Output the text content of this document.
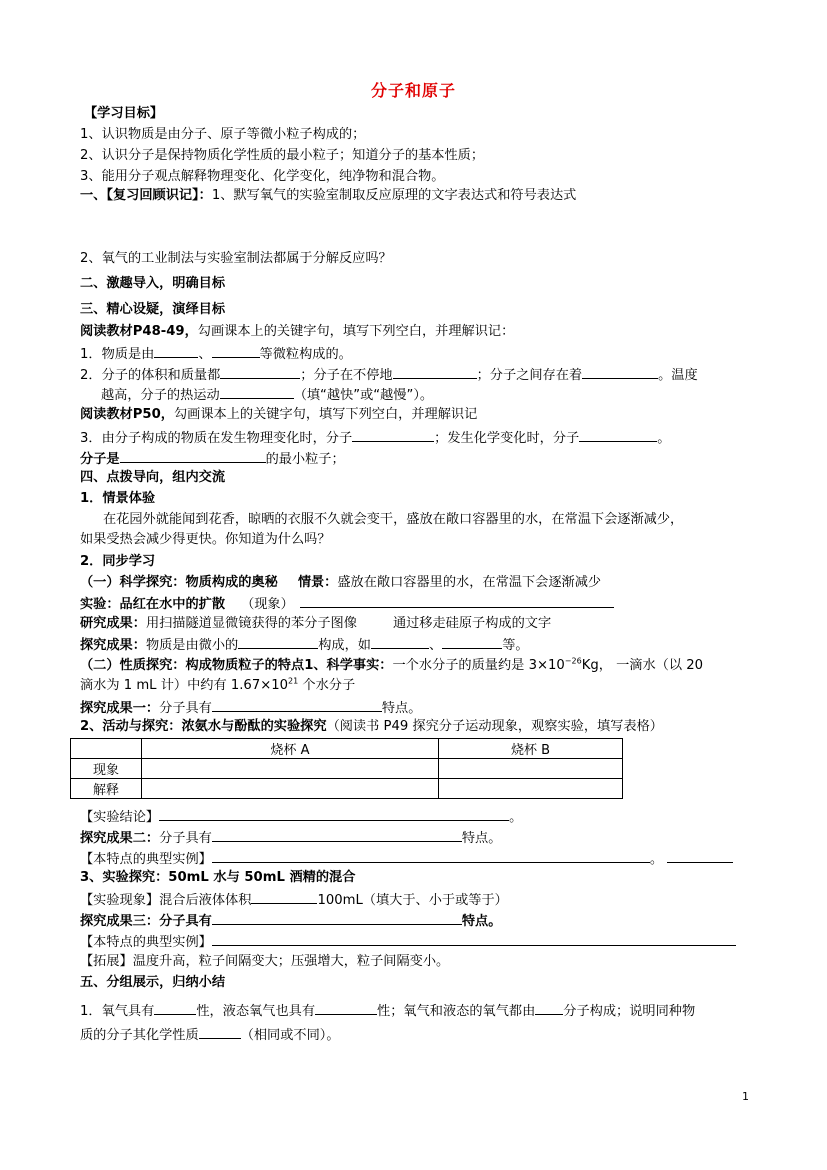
分子和原子
【学习目标】
1、认识物质是由分子、原子等微小粒子构成的；
2、认识分子是保持物质化学性质的最小粒子；知道分子的基本性质；
3、能用分子观点解释物理变化、化学变化，纯净物和混合物。
一、【复习回顾识记】：1、默写氧气的实验室制取反应原理的文字表达式和符号表达式
2、氧气的工业制法与实验室制法都属于分解反应吗？
二、激趣导入，明确目标
三、精心设疑，演绎目标
阅读教材P48-49，勾画课本上的关键字句，填写下列空白，并理解识记：
1．物质是由	、	等微粒构成的。
2．分子的体积和质量都	；分子在不停地	；分子之间存在着	。温度
越高，分子的热运动	（填“越快”或“越慢”）。
阅读教材P50，勾画课本上的关键字句，填写下列空白，并理解识记
3．由分子构成的物质在发生物理变化时，分子	；发生化学变化时，分子	。
分子是	的最小粒子；
四、点拨导向，组内交流
1．情景体验
在花园外就能闻到花香，晾晒的衣服不久就会变干，盛放在敞口容器里的水，在常温下会逐渐减少，
如果受热会减少得更快。你知道为什么吗？
2．同步学习
（一）科学探究：物质构成的奥秘 情景：盛放在敞口容器里的水，在常温下会逐渐减少
实验：品红在水中的扩散 （现象）
研究成果：用扫描隧道显微镜获得的苯分子图像	通过移走硅原子构成的文字
探究成果：物质是由微小的	构成，如	、	等。
（二）性质探究：构成物质粒子的特点1、科学事实：一个水分子的质量约是 $3\times 10^{-26}Kg$， 一滴水（以 20
滴水为 1 mL 计）中约有 $1.67\times 10^{21}$ 个水分子
探究成果一：分子具有	特点。
2、活动与探究：浓氨水与酚酞的实验探究（阅读书 P49 探究分子运动现象，观察实验，填写表格）
	烧杯 A	烧杯 B
现象		
解释		
【实验结论】	。
探究成果二：分子具有	特点。
【本特点的典型实例】	。
3、实验探究：50mL 水与 50mL 酒精的混合
【实验现象】混合后液体体积	100mL（填大于、小于或等于）
探究成果三：分子具有	特点。
【本特点的典型实例】
【拓展】温度升高，粒子间隔变大；压强增大，粒子间隔变小。
五、分组展示，归纳小结
1．氧气具有	性，液态氧气也具有	性；氧气和液态的氧气都由 分子构成；说明同种物
质的分子其化学性质	（相同或不同）。
1
